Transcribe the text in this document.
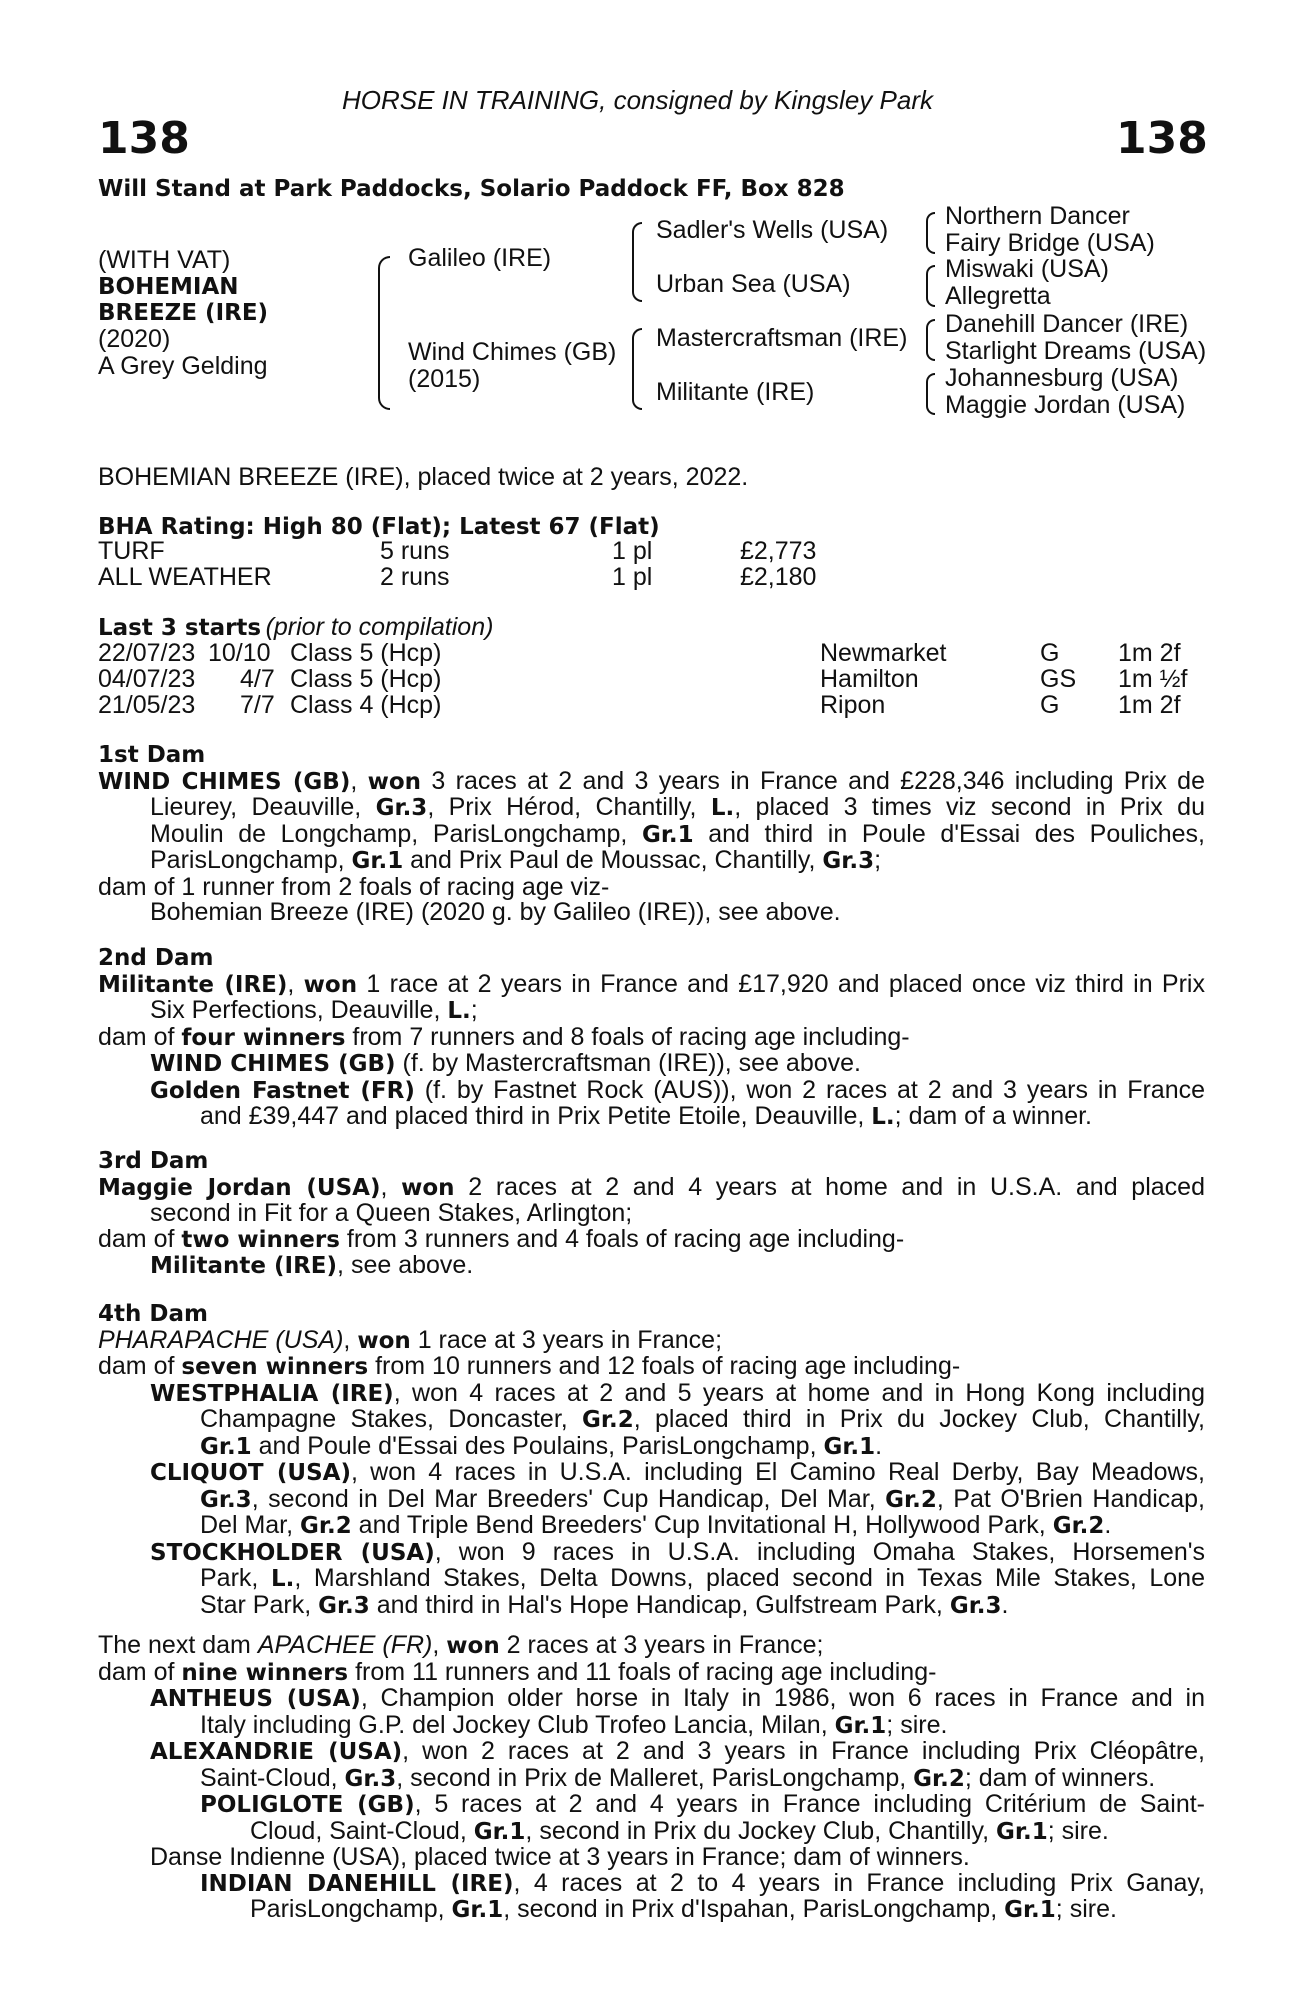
HORSE IN TRAINING, consigned by Kingsley Park
138	138
Will Stand at Park Paddocks, Solario Paddock FF, Box 828
(WITH VAT)
BOHEMIAN
BREEZE (IRE)
(2020)
A Grey Gelding
Galileo (IRE)
Wind Chimes (GB)
(2015)
Sadler's Wells (USA)
Urban Sea (USA)
Mastercraftsman (IRE)
Militante (IRE)
Northern Dancer
Fairy Bridge (USA)
Miswaki (USA)
Allegretta
Danehill Dancer (IRE)
Starlight Dreams (USA)
Johannesburg (USA)
Maggie Jordan (USA)
BOHEMIAN BREEZE (IRE), placed twice at 2 years, 2022.
BHA Rating: High 80 (Flat); Latest 67 (Flat)
TURF	5 runs	1 pl	£2,773
ALL WEATHER	2 runs	1 pl	£2,180
Last 3 starts (prior to compilation)
22/07/23 10/10 Class 5 (Hcp)	Newmarket	G 1m 2f
04/07/23 4/7 Class 5 (Hcp)	Hamilton	GS 1m ½f
21/05/23 7/7 Class 4 (Hcp)	Ripon	G 1m 2f
1st Dam
WIND CHIMES (GB), won 3 races at 2 and 3 years in France and £228,346 including Prix de
Lieurey, Deauville, Gr.3, Prix Hérod, Chantilly, L., placed 3 times viz second in Prix du
Moulin de Longchamp, ParisLongchamp, Gr.1 and third in Poule d'Essai des Pouliches,
ParisLongchamp, Gr.1 and Prix Paul de Moussac, Chantilly, Gr.3;
dam of 1 runner from 2 foals of racing age viz-
Bohemian Breeze (IRE) (2020 g. by Galileo (IRE)), see above.
2nd Dam
Militante (IRE), won 1 race at 2 years in France and £17,920 and placed once viz third in Prix
Six Perfections, Deauville, L.;
dam of four winners from 7 runners and 8 foals of racing age including-
WIND CHIMES (GB) (f. by Mastercraftsman (IRE)), see above.
Golden Fastnet (FR) (f. by Fastnet Rock (AUS)), won 2 races at 2 and 3 years in France
and £39,447 and placed third in Prix Petite Etoile, Deauville, L.; dam of a winner.
3rd Dam
Maggie Jordan (USA), won 2 races at 2 and 4 years at home and in U.S.A. and placed
second in Fit for a Queen Stakes, Arlington;
dam of two winners from 3 runners and 4 foals of racing age including-
Militante (IRE), see above.
4th Dam
PHARAPACHE (USA), won 1 race at 3 years in France;
dam of seven winners from 10 runners and 12 foals of racing age including-
WESTPHALIA (IRE), won 4 races at 2 and 5 years at home and in Hong Kong including
Champagne Stakes, Doncaster, Gr.2, placed third in Prix du Jockey Club, Chantilly,
Gr.1 and Poule d'Essai des Poulains, ParisLongchamp, Gr.1.
CLIQUOT (USA), won 4 races in U.S.A. including El Camino Real Derby, Bay Meadows,
Gr.3, second in Del Mar Breeders' Cup Handicap, Del Mar, Gr.2, Pat O'Brien Handicap,
Del Mar, Gr.2 and Triple Bend Breeders' Cup Invitational H, Hollywood Park, Gr.2.
STOCKHOLDER (USA), won 9 races in U.S.A. including Omaha Stakes, Horsemen's
Park, L., Marshland Stakes, Delta Downs, placed second in Texas Mile Stakes, Lone
Star Park, Gr.3 and third in Hal's Hope Handicap, Gulfstream Park, Gr.3.
The next dam APACHEE (FR), won 2 races at 3 years in France;
dam of nine winners from 11 runners and 11 foals of racing age including-
ANTHEUS (USA), Champion older horse in Italy in 1986, won 6 races in France and in
Italy including G.P. del Jockey Club Trofeo Lancia, Milan, Gr.1; sire.
ALEXANDRIE (USA), won 2 races at 2 and 3 years in France including Prix Cléopâtre,
Saint-Cloud, Gr.3, second in Prix de Malleret, ParisLongchamp, Gr.2; dam of winners.
POLIGLOTE (GB), 5 races at 2 and 4 years in France including Critérium de Saint-
Cloud, Saint-Cloud, Gr.1, second in Prix du Jockey Club, Chantilly, Gr.1; sire.
Danse Indienne (USA), placed twice at 3 years in France; dam of winners.
INDIAN DANEHILL (IRE), 4 races at 2 to 4 years in France including Prix Ganay,
ParisLongchamp, Gr.1, second in Prix d'Ispahan, ParisLongchamp, Gr.1; sire.
